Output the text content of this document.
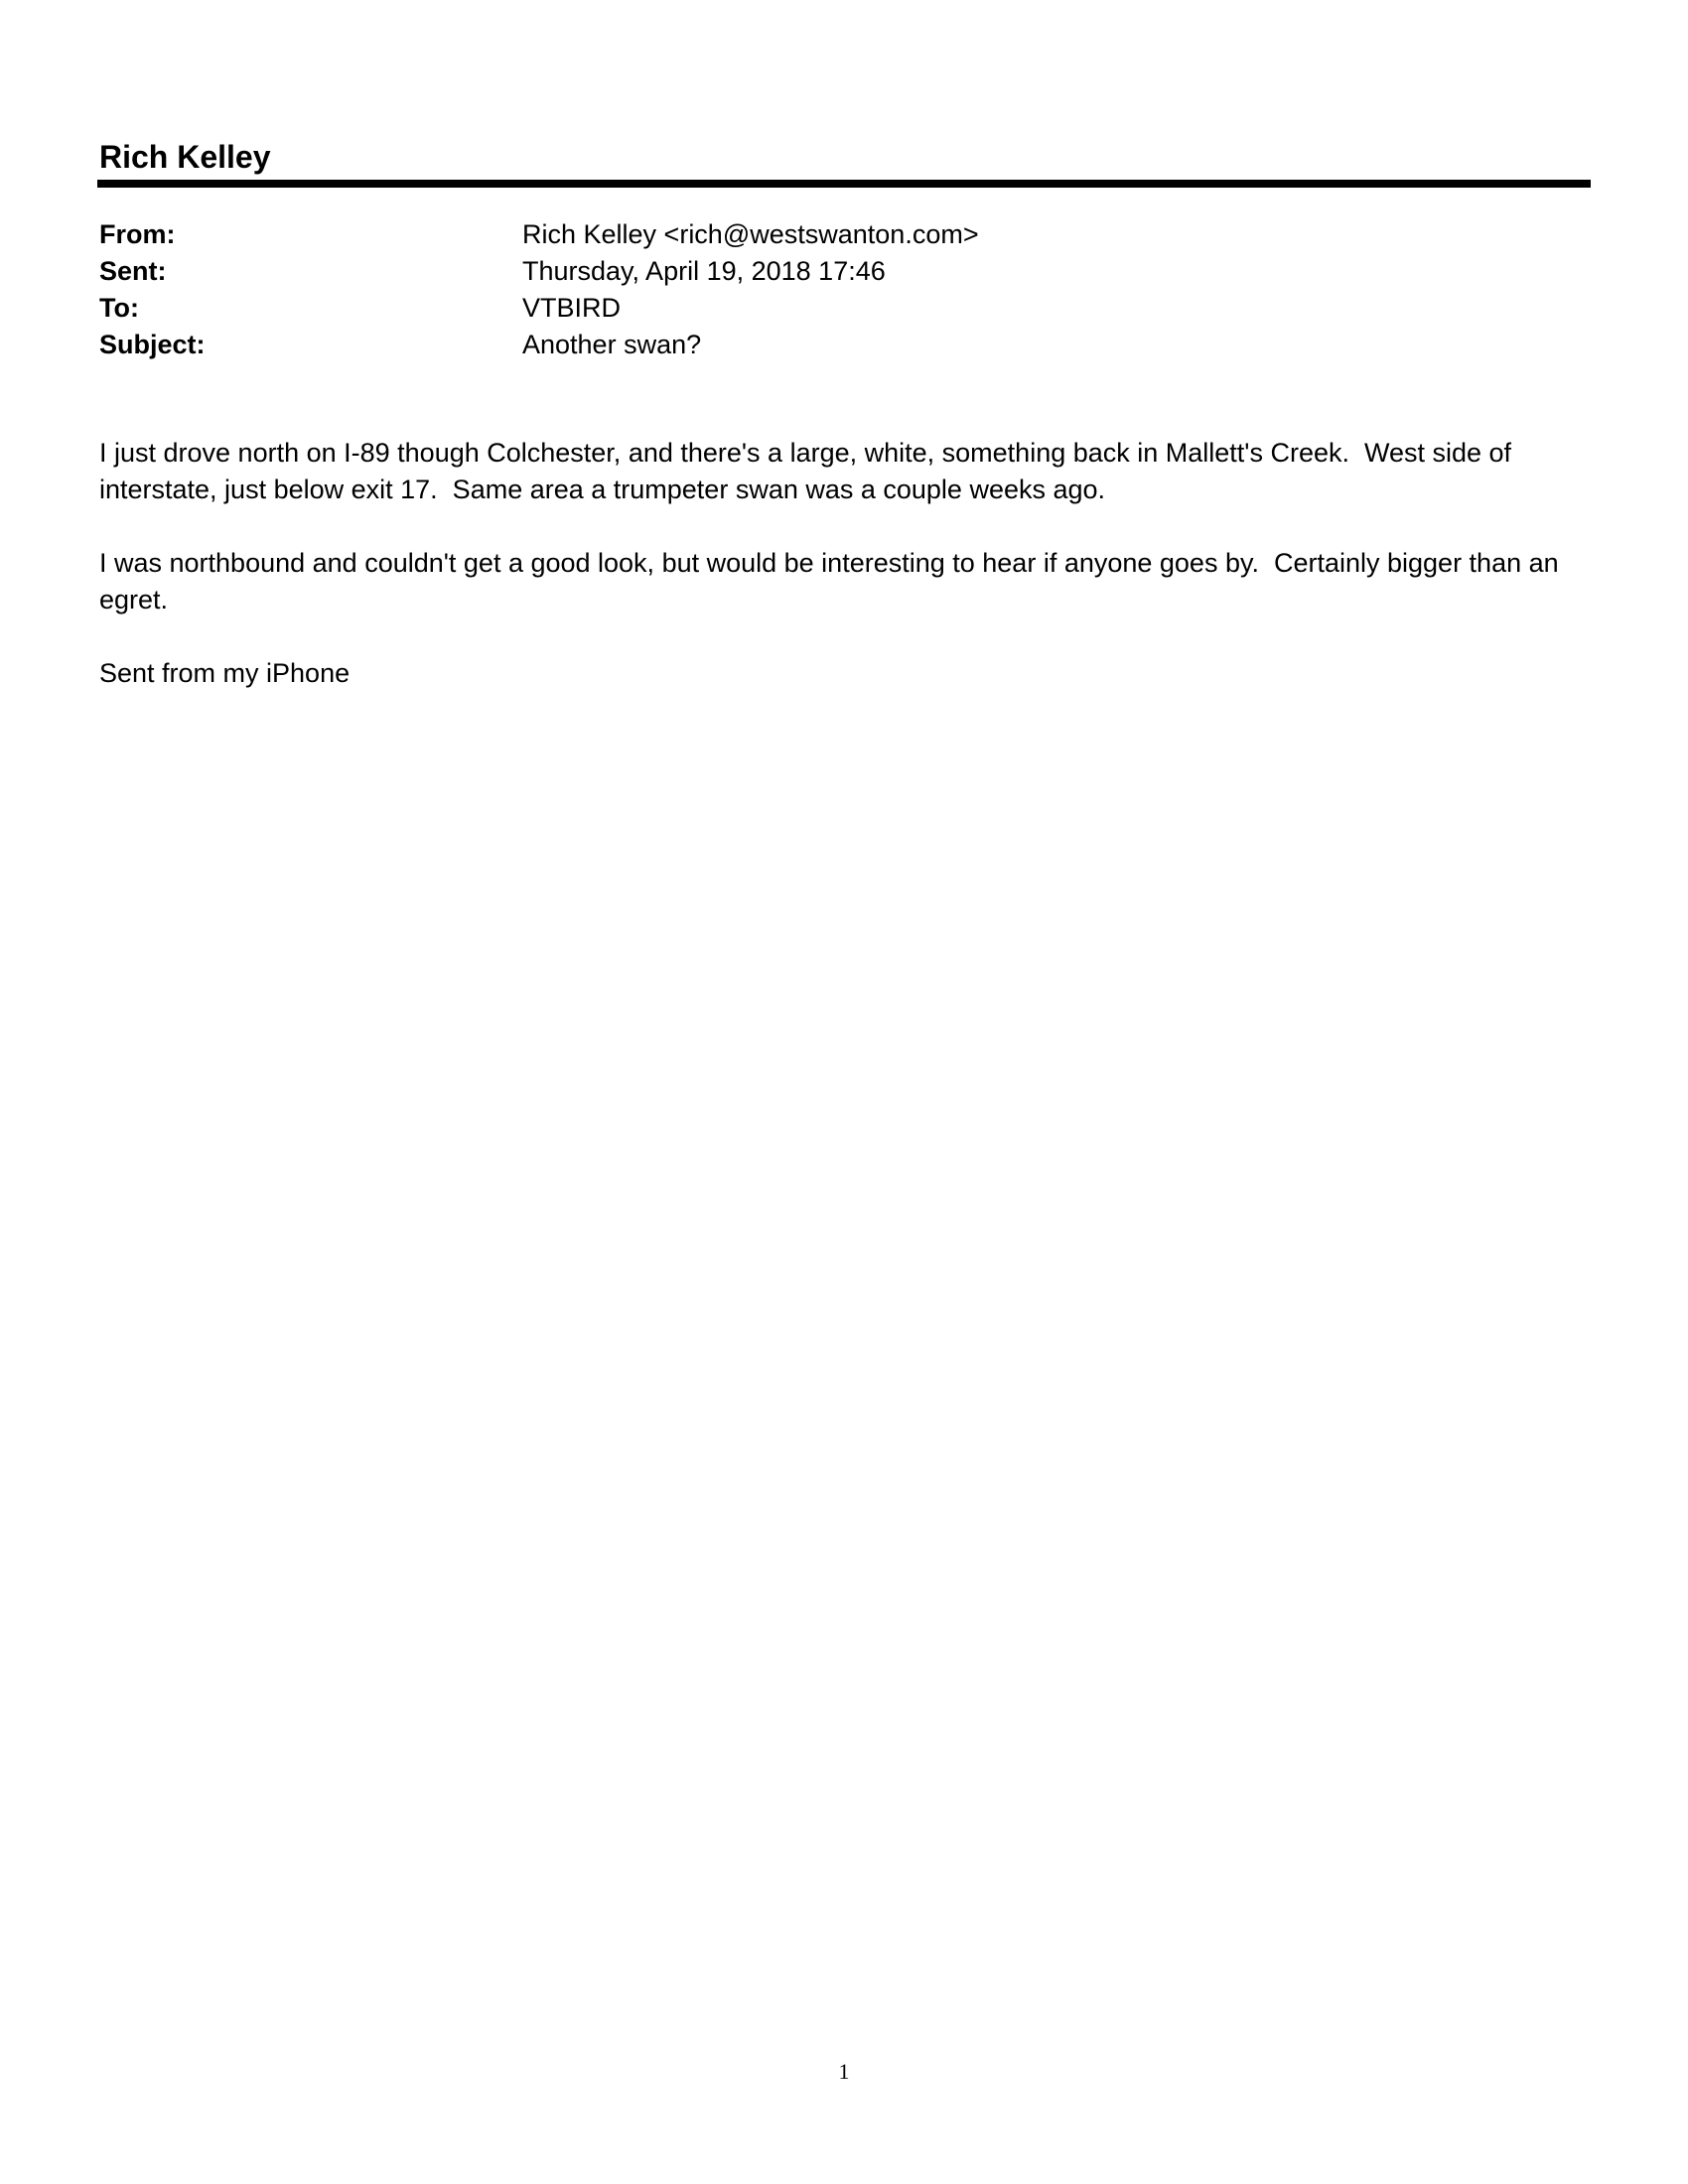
Rich Kelley
From:	Rich Kelley <rich@westswanton.com>
Sent:	Thursday, April 19, 2018 17:46
To:	VTBIRD
Subject:	Another swan?

I just drove north on I-89 though Colchester, and there's a large, white, something back in Mallett's Creek.  West side of interstate, just below exit 17.  Same area a trumpeter swan was a couple weeks ago.

I was northbound and couldn't get a good look, but would be interesting to hear if anyone goes by.  Certainly bigger than an egret.

Sent from my iPhone

1
